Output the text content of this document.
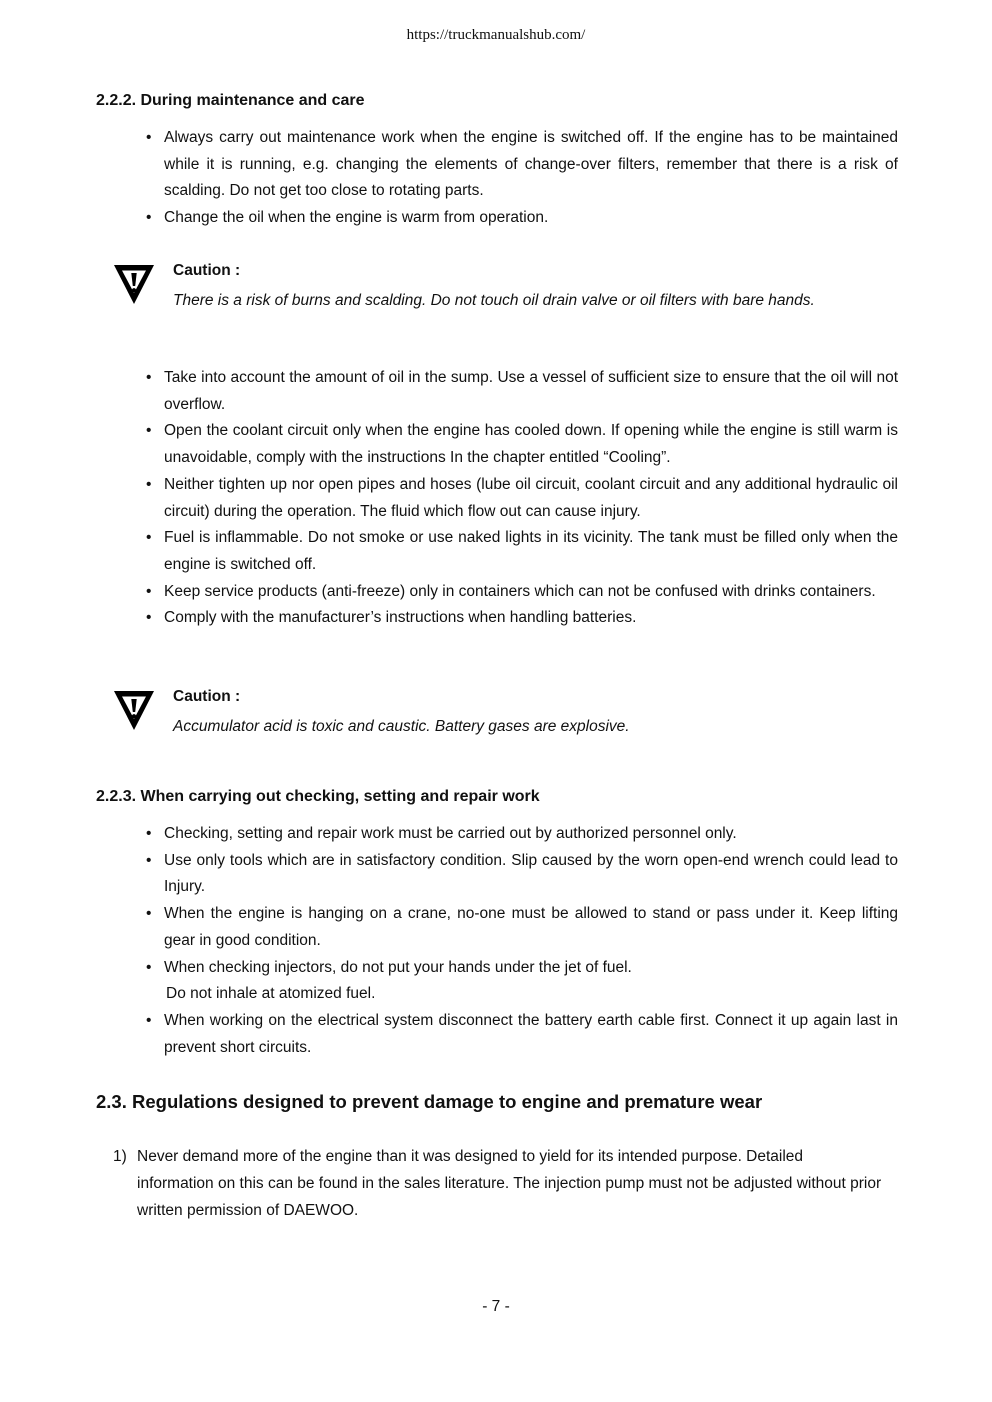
https://truckmanualshub.com/
2.2.2. During maintenance and care
• Always carry out maintenance work when the engine is switched off. If the engine has to be maintained while it is running, e.g. changing the elements of change-over filters, remember that there is a risk of scalding. Do not get too close to rotating parts.
• Change the oil when the engine is warm from operation.
Caution :
There is a risk of burns and scalding. Do not touch oil drain valve or oil filters with bare hands.
• Take into account the amount of oil in the sump. Use a vessel of sufficient size to ensure that the oil will not overflow.
• Open the coolant circuit only when the engine has cooled down. If opening while the engine is still warm is unavoidable, comply with the instructions In the chapter entitled “Cooling”.
• Neither tighten up nor open pipes and hoses (lube oil circuit, coolant circuit and any additional hydraulic oil circuit) during the operation. The fluid which flow out can cause injury.
• Fuel is inflammable. Do not smoke or use naked lights in its vicinity. The tank must be filled only when the engine is switched off.
• Keep service products (anti-freeze) only in containers which can not be confused with drinks containers.
• Comply with the manufacturer’s instructions when handling batteries.
Caution :
Accumulator acid is toxic and caustic. Battery gases are explosive.
2.2.3. When carrying out checking, setting and repair work
• Checking, setting and repair work must be carried out by authorized personnel only.
• Use only tools which are in satisfactory condition. Slip caused by the worn open-end wrench could lead to Injury.
• When the engine is hanging on a crane, no-one must be allowed to stand or pass under it. Keep lifting gear in good condition.
• When checking injectors, do not put your hands under the jet of fuel.
Do not inhale at atomized fuel.
• When working on the electrical system disconnect the battery earth cable first. Connect it up again last in prevent short circuits.
2.3. Regulations designed to prevent damage to engine and premature wear
1) Never demand more of the engine than it was designed to yield for its intended purpose. Detailed information on this can be found in the sales literature. The injection pump must not be adjusted without prior written permission of DAEWOO.
- 7 -
